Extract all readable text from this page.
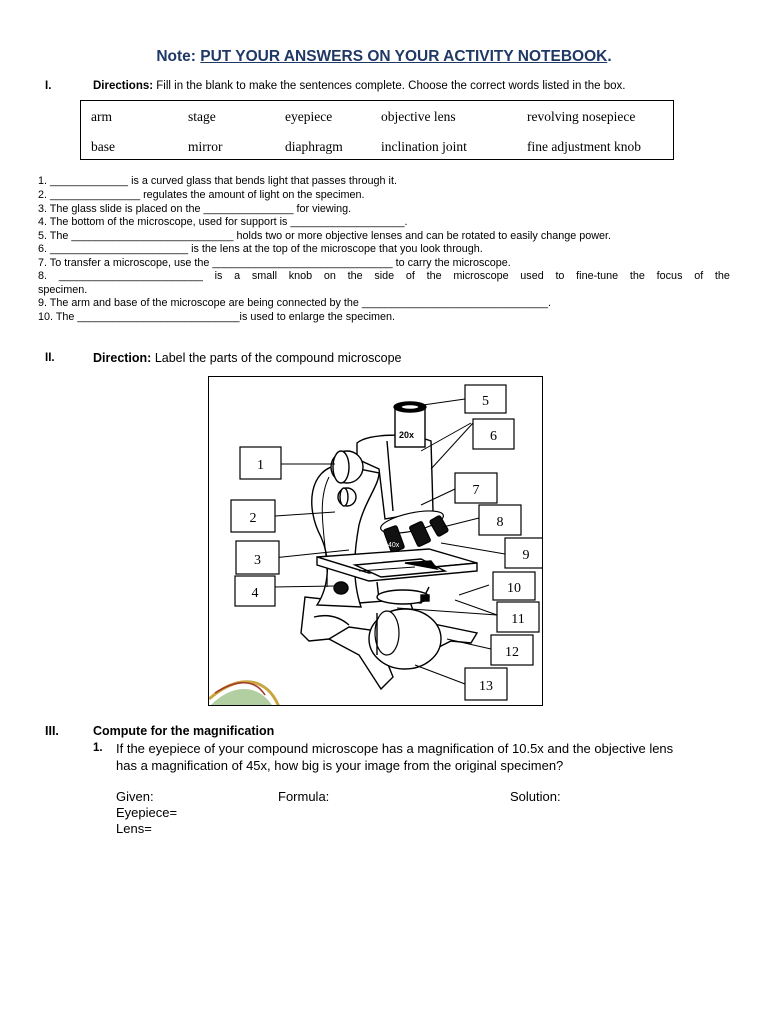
Note: PUT YOUR ANSWERS ON YOUR ACTIVITY NOTEBOOK.
I.	Directions: Fill in the blank to make the sentences complete. Choose the correct words listed in the box.
arm	stage	eyepiece	objective lens	revolving nosepiece
base	mirror	diaphragm	inclination joint	fine adjustment knob
1. _____________ is a curved glass that bends light that passes through it.
2. _______________ regulates the amount of light on the specimen.
3. The glass slide is placed on the _______________ for viewing.
4. The bottom of the microscope, used for support is ___________________.
5. The ___________________________ holds two or more objective lenses and can be rotated to easily change power.
6. _______________________ is the lens at the top of the microscope that you look through.
7. To transfer a microscope, use the ______________________________ to carry the microscope.
8. ________________________ is a small knob on the side of the microscope used to fine-tune the focus of the
specimen.
9. The arm and base of the microscope are being connected by the _______________________________.
10. The ___________________________is used to enlarge the specimen.
II.	Direction: Label the parts of the compound microscope
20x
40x
1
2
3
4
5
6
7
8
9
10
11
12
13
III.	Compute for the magnification
1. If the eyepiece of your compound microscope has a magnification of 10.5x and the objective lens
has a magnification of 45x, how big is your image from the original specimen?
Given:	Formula:	Solution:
Eyepiece=
Lens=
